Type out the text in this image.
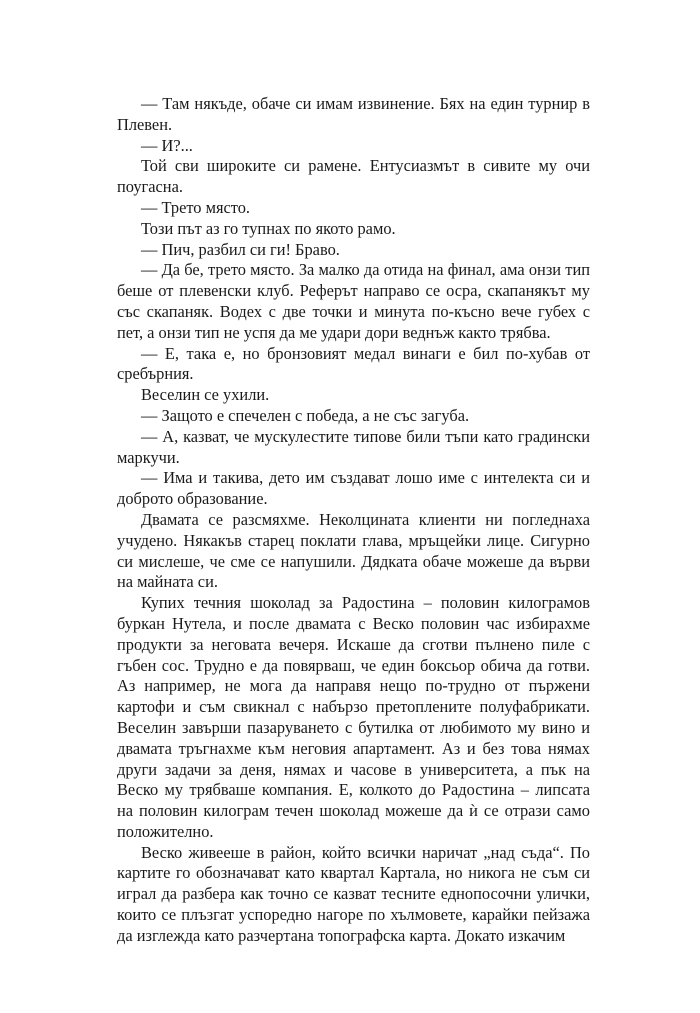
— Там някъде, обаче си имам извинение. Бях на един турнир в Плевен.

— И?...

Той сви широките си рамене. Ентусиазмът в сивите му очи поугасна.

— Трето място.

Този път аз го тупнах по якото рамо.

— Пич, разбил си ги! Браво.

— Да бе, трето място. За малко да отида на финал, ама онзи тип беше от плевенски клуб. Реферът направо се осра, скапанякът му със скапаняк. Водех с две точки и минута по-късно вече губех с пет, а онзи тип не успя да ме удари дори веднъж както трябва.

— Е, така е, но бронзовият медал винаги е бил по-хубав от сребърния.

Веселин се ухили.

— Защото е спечелен с победа, а не със загуба.

— А, казват, че мускулестите типове били тъпи като градински маркучи.

— Има и такива, дето им създават лошо име с интелекта си и доброто образование.

Двамата се разсмяхме. Неколцината клиенти ни погледнаха учудено. Някакъв старец поклати глава, мръщейки лице. Сигурно си мислеше, че сме се напушили. Дядката обаче можеше да върви на майната си.

Купих течния шоколад за Радостина – половин килограмов буркан Нутела, и после двамата с Веско половин час избирахме продукти за неговата вечеря. Искаше да сготви пълнено пиле с гъбен сос. Трудно е да повярваш, че един боксьор обича да готви. Аз например, не мога да направя нещо по-трудно от пържени картофи и съм свикнал с набързо претоплените полуфабрикати. Веселин завърши пазаруването с бутилка от любимото му вино и двамата тръгнахме към неговия апартамент. Аз и без това нямах други задачи за деня, нямах и часове в университета, а пък на Веско му трябваше компания. Е, колкото до Радостина – липсата на половин килограм течен шоколад можеше да ѝ се отрази само положително.

Веско живееше в район, който всички наричат „над съда“. По картите го обозначават като квартал Картала, но никога не съм си играл да разбера как точно се казват тесните еднопосочни улички, които се плъзгат успоредно нагоре по хълмовете, карайки пейзажа да изглежда като разчертана топографска карта. Докато изкачим
